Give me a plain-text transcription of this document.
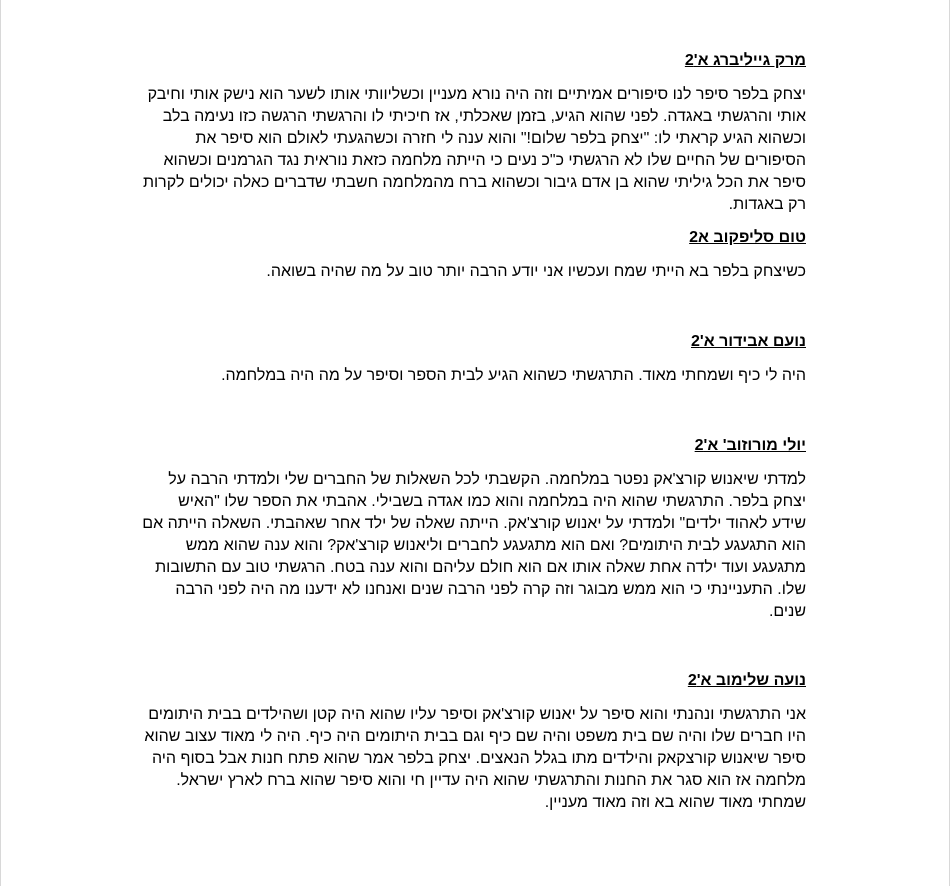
מרק גייליברג א'2

יצחק בלפר סיפר לנו סיפורים אמיתיים וזה היה נורא מעניין וכשליוותי אותו לשער הוא נישק אותי וחיבק אותי והרגשתי באגדה. לפני שהוא הגיע, בזמן שאכלתי, אז חיכיתי לו והרגשתי הרגשה כזו נעימה בלב וכשהוא הגיע קראתי לו: "יצחק בלפר שלום!" והוא ענה לי חזרה וכשהגעתי לאולם הוא סיפר את הסיפורים של החיים שלו לא הרגשתי כ"כ נעים כי הייתה מלחמה כזאת נוראית נגד הגרמנים וכשהוא סיפר את הכל גיליתי שהוא בן אדם גיבור וכשהוא ברח מהמלחמה חשבתי שדברים כאלה יכולים לקרות רק באגדות.

טום סליפקוב א2

כשיצחק בלפר בא הייתי שמח ועכשיו אני יודע הרבה יותר טוב על מה שהיה בשואה.

נועם אבידור א'2

היה לי כיף ושמחתי מאוד. התרגשתי כשהוא הגיע לבית הספר וסיפר על מה היה במלחמה.

יולי מורוזוב' א'2

למדתי שיאנוש קורצ'אק נפטר במלחמה. הקשבתי לכל השאלות של החברים שלי ולמדתי הרבה על יצחק בלפר. התרגשתי שהוא היה במלחמה והוא כמו אגדה בשבילי. אהבתי את הספר שלו "האיש שידע לאהוד ילדים" ולמדתי על יאנוש קורצ'אק. הייתה שאלה של ילד אחר שאהבתי. השאלה הייתה אם הוא התגעגע לבית היתומים? ואם הוא מתגעגע לחברים וליאנוש קורצ'אק? והוא ענה שהוא ממש מתגעגע ועוד ילדה אחת שאלה אותו אם הוא חולם עליהם והוא ענה בטח. הרגשתי טוב עם התשובות שלו. התעניינתי כי הוא ממש מבוגר וזה קרה לפני הרבה שנים ואנחנו לא ידענו מה היה לפני הרבה שנים.

נועה שלימוב א'2

אני התרגשתי ונהנתי והוא סיפר על יאנוש קורצ'אק וסיפר עליו שהוא היה קטן ושהילדים בבית היתומים היו חברים שלו והיה שם בית משפט והיה שם כיף וגם בבית היתומים היה כיף. היה לי מאוד עצוב שהוא סיפר שיאנוש קורצקאק והילדים מתו בגלל הנאצים. יצחק בלפר אמר שהוא פתח חנות אבל בסוף היה מלחמה אז הוא סגר את החנות והתרגשתי שהוא היה עדיין חי והוא סיפר שהוא ברח לארץ ישראל. שמחתי מאוד שהוא בא וזה מאוד מעניין.
